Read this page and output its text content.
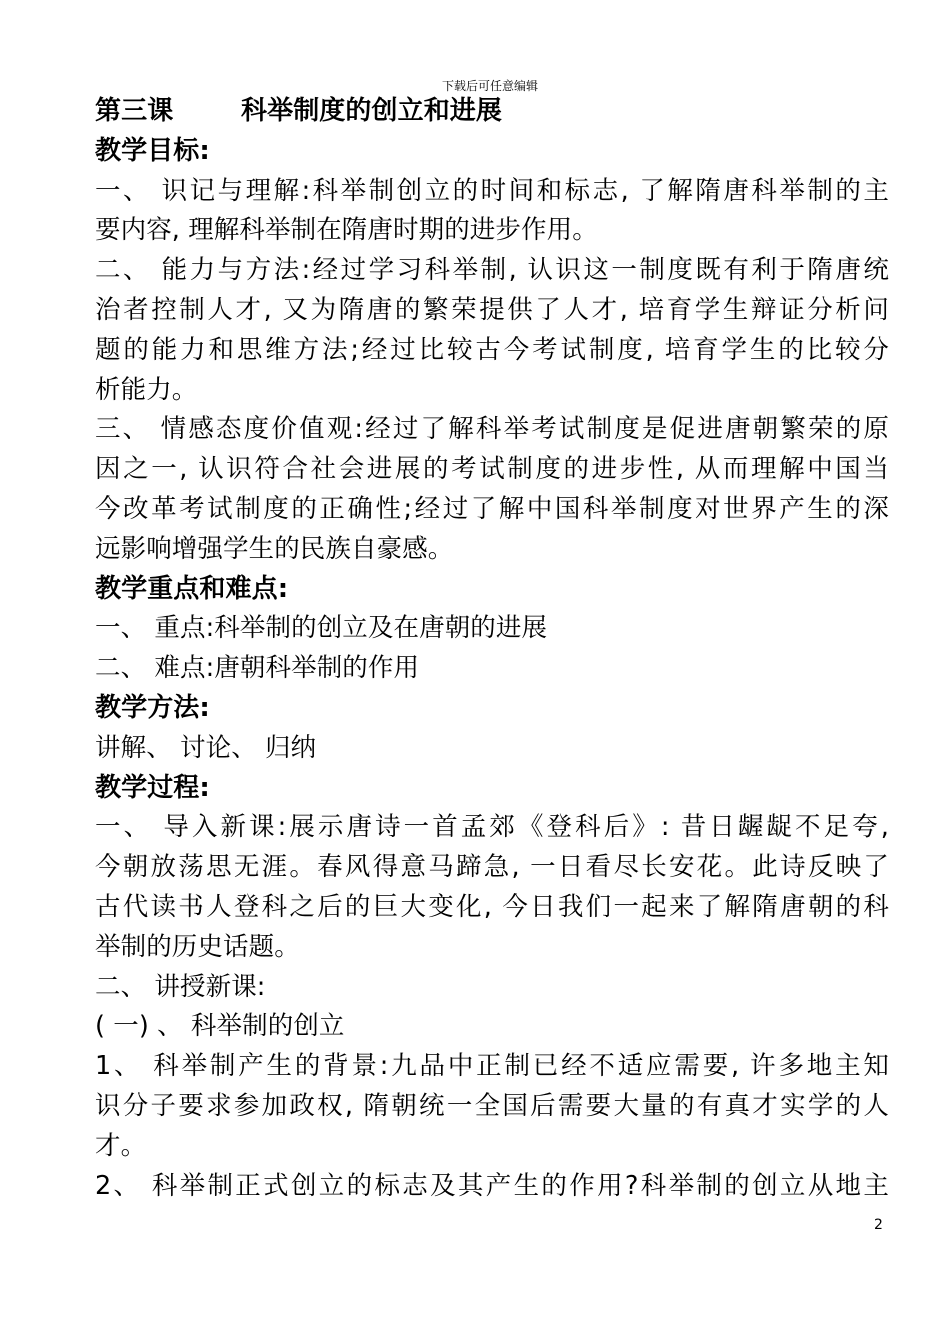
下载后可任意编辑
第三课	科举制度的创立和进展
教学目标:
一、 识记与理解:科举制创立的时间和标志, 了解隋唐科举制的主
要内容, 理解科举制在隋唐时期的进步作用。
二、 能力与方法:经过学习科举制, 认识这一制度既有利于隋唐统
治者控制人才, 又为隋唐的繁荣提供了人才, 培育学生辩证分析问
题的能力和思维方法;经过比较古今考试制度, 培育学生的比较分
析能力。
三、 情感态度价值观:经过了解科举考试制度是促进唐朝繁荣的原
因之一, 认识符合社会进展的考试制度的进步性, 从而理解中国当
今改革考试制度的正确性;经过了解中国科举制度对世界产生的深
远影响增强学生的民族自豪感。
教学重点和难点:
一、 重点:科举制的创立及在唐朝的进展
二、 难点:唐朝科举制的作用
教学方法:
讲解、 讨论、 归纳
教学过程:
一、 导入新课:展示唐诗一首孟郊《登科后》: 昔日龌龊不足夸,
今朝放荡思无涯。春风得意马蹄急, 一日看尽长安花。此诗反映了
古代读书人登科之后的巨大变化, 今日我们一起来了解隋唐朝的科
举制的历史话题。
二、 讲授新课:
( 一) 、 科举制的创立
1、 科举制产生的背景:九品中正制已经不适应需要, 许多地主知
识分子要求参加政权, 隋朝统一全国后需要大量的有真才实学的人
才。
2、 科举制正式创立的标志及其产生的作用?科举制的创立从地主
2
